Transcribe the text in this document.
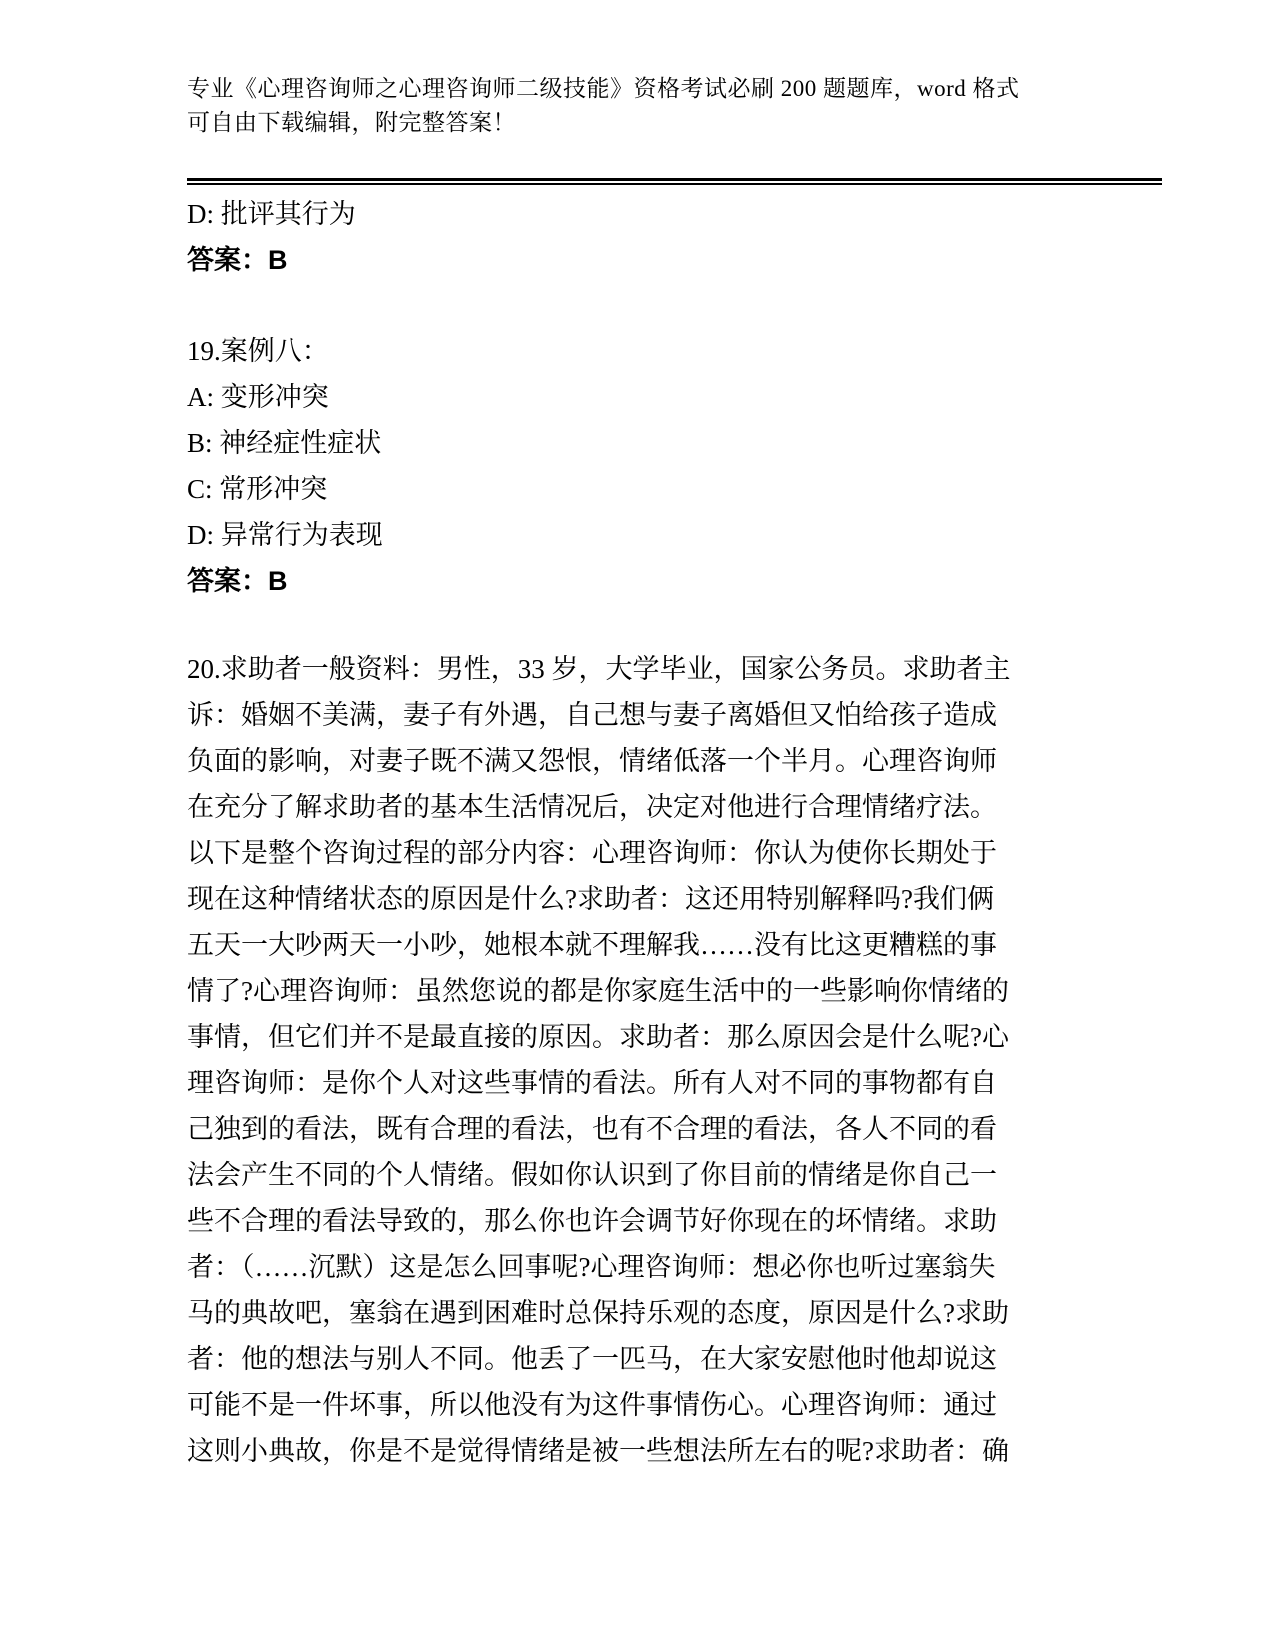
专业《心理咨询师之心理咨询师二级技能》资格考试必刷 200 题题库，word 格式
可自由下载编辑，附完整答案！

D: 批评其行为

答案：B

19.案例八：

A: 变形冲突

B: 神经症性症状

C: 常形冲突

D: 异常行为表现

答案：B

20.求助者一般资料：男性，33 岁，大学毕业，国家公务员。求助者主

诉：婚姻不美满，妻子有外遇，自己想与妻子离婚但又怕给孩子造成

负面的影响，对妻子既不满又怨恨，情绪低落一个半月。心理咨询师

在充分了解求助者的基本生活情况后，决定对他进行合理情绪疗法。

以下是整个咨询过程的部分内容：心理咨询师：你认为使你长期处于

现在这种情绪状态的原因是什么?求助者：这还用特别解释吗?我们俩

五天一大吵两天一小吵，她根本就不理解我……没有比这更糟糕的事

情了?心理咨询师：虽然您说的都是你家庭生活中的一些影响你情绪的

事情，但它们并不是最直接的原因。求助者：那么原因会是什么呢?心

理咨询师：是你个人对这些事情的看法。所有人对不同的事物都有自

己独到的看法，既有合理的看法，也有不合理的看法，各人不同的看

法会产生不同的个人情绪。假如你认识到了你目前的情绪是你自己一

些不合理的看法导致的，那么你也许会调节好你现在的坏情绪。求助

者：（……沉默）这是怎么回事呢?心理咨询师：想必你也听过塞翁失

马的典故吧，塞翁在遇到困难时总保持乐观的态度，原因是什么?求助

者：他的想法与别人不同。他丢了一匹马，在大家安慰他时他却说这

可能不是一件坏事，所以他没有为这件事情伤心。心理咨询师：通过

这则小典故，你是不是觉得情绪是被一些想法所左右的呢?求助者：确
